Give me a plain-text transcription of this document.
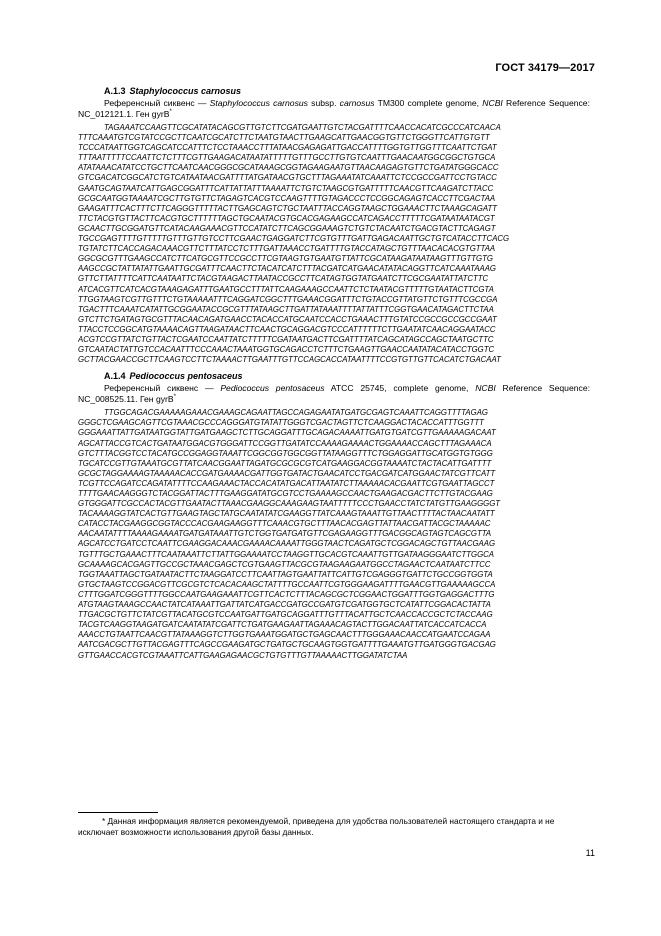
ГОСТ 34179—2017
A.1.3 Staphylococcus carnosus
Референсный сиквенс — Staphylococcus carnosus subsp. carnosus TM300 complete genome, NCBI Reference Sequence: NC_012121.1. Ген gyrB*
TAGAAATCCAAGTTCGCATATACAGCGTTGTCTTCGATGAATTGTCTACGATTTTCAACCACATCGCCCATCAACA
TTTCAAATGTCGTATCCGCTTCAATCGCATCTTCTAATGTAACTTGAAGCATTGAACGGTGTTCTGGGTTCATTGTGTT
TCCCATAATTGGTCAGCATCCATTTCTCCTAAACCTTTATAACGAGAGATTGACCATTTTGGTGTTGGTTTCAATTCTGAT
TTTAATTTTTCCAATTCTCTTTCGTTGAAGACATAATATTTTTGTTTGCCTTGTGTCAATTTGAACAATGGCGGCTGTGCA
ATATAAACATATCCTGCTTCAATCAACGGGCGCATAAAGCGGTAGAAGAATGTTAACAAGAGTGTTCTGATATGGGCACC
GTCGACATCGGCATCTGTCATAATAACGATTTTATGATAACGTGCTTTAGAAATATCAAATTCTCCGCCGATTCCTGTACC
GAATGCAGTAATCATTGAGCGGATTTCATTATTATTTAAAATTCTGTCTAAGCGTGATTTTTCAACGTTCAAGATCTTACC
GCGCAATGGTAAAATCGCTTGTGTTCTAGAGTCACGTCCAAGTTTTGTAGACCCTCCGGCAGAGTCACCTTCGACTAA
GAAGATTTCACTTTCTTCAGGGTTTTTACTTGAGCAGTCTGCTAATTTACCAGGTAAGCTGGAAACTTCTAAAGCAGATT
TTCTACGTGTTACTTCACGTGCTTTTTTAGCTGCAATACGTGCACGAGAAGCCATCAGACCTTTTTCGATAATAATACGT
GCAACTTGCGGATGTTCATACAAGAAACGTTCCATATCTTCAGCGGAAAGTCTGTCTACAATCTGACGTACTTCAGAGT
TGCCGAGTTTTGTTTTTGTTTGTTGTCCTTCGAACTGAGGATCTTCGTGTTTGATTGAGACAATTGCTGTCATACCTTCACG
TGTATCTTCACCAGACAAACGTTCTTTATCCTCTTTGATTAAACCTGATTTTGTACCATAGCTGTTTAACACACGTGTTAA
GGCGCGTTTGAAGCCATCTTCATGCGTTCCGCCTTCGTAAGTGTGAATGTTATTCGCATAAGATAATAAGTTTGTTGTG
AAGCCGCTATTATATTGAATTGCGATTTCAACTTCTACATCATCTTTACGATCATGAACATATACAGGTTCATCAAATAAAG
GTTCTTATTTTCATTCAATAATTCTACGTAAGACTTAATACCGCCTTCATAGTGGTATGAATCTTCGCGAATATTATCTTC
ATCACGTTCATCACGTAAAGAGATTTGAATGCCTTTATTCAAGAAAGCCAATTCTCTAATACGTTTTTGTAATACTTCGTA
TTGGTAAGTCGTTGTTTCTGTAAAAATTTCAGGATCGGCTTTGAAACGGATTTCTGTACCGTTATGTTCTGTTTCGCCGA
TGACTTTCAAATCATATTGCGGAATACCGCGTTTATAAGCTTGATTATAAATTTTATTATTTCGGTGAACATAGACTTCTAA
GTCTTCTGATAGTGCGTTTACAACAGATGAACCTACACCATGCAATCCACCTGAAACTTTGTATCCGCCGCCGCCGAAT
TTACCTCCGGCATGTAAAACAGTTAAGATAACTTCAACTGCAGGACGTCCCATTTTTTCTTGAATATCAACAGGAATACC
ACGTCCGTTATCTGTTACTCGAATCCAATTATCTTTTTCGATAATGACTTCGATTTTATCAGCATAGCCAGCTAATGCTTC
GTCAATACTATTGTCCACAATTTCCCAAACTAAATGGTGCAGACCTCTTTCTGAAGTTGAACCAATATACATACCTGGTC
GCTTACGAACCGCTTCAAGTCCTTCTAAAACTTGAATTTGTTCCAGCACCATAATTTTCCGTGTTGTTCACATCTGACAAT
A.1.4 Pediococcus pentosaceus
Референсный сиквенс — Pediococcus pentosaceus ATCC 25745, complete genome, NCBI Reference Sequence: NC_008525.11. Ген gyrB*
TTGGCAGACGAAAAAGAAACGAAAGCAGAATTAGCCAGAGAATATGATGCGAGTCAAATTCAGGTTTTAGAG
GGGCTCGAAGCAGTTCGTAAACGCCCAGGGATGTATATTGGGTCGACTAGTTCTCAAGGACTACACCATTTGGTTT
GGGAAATTATTGATAATGGTATTGATGAAGCTCTTGCAGGATTTGCAGACAAAATTGATGTGATCGTTGAAAAAGACAAT
AGCATTACCGTCACTGATAATGGACGTGGGATTCCGGTTGATATCCAAAAGAAAACTGGAAAACCAGCTTTAGAAACA
GTCTTTACGGTCCTACATGCCGGAGGTAAATTCGGCGGTGGCGGTTATAAGGTTTCTGGAGGATTGCATGGTGTGGG
TGCATCCGTTGTAAATGCGTTATCAACGGAATTAGATGCGCGCGTCATGAAGGACGGTAAAATCTACTACATTGATTTT
GCGCTAGGAAAAGTAAAAACACCGATGAAAACGATTGGTGATACTGAACATCCTGACGATCATGGAACTATCGTTCATT
TCGTTCCAGATCCAGATATTTTCCAAGAAACTACCACATATGACATTAATATCTTAAAAACACGAATTCGTGAATTAGCCT
TTTTGAACAAGGGTCTACGGATTACTTTGAAGGATATGCGTCCTGAAAAGCCAACTGAAGACGACTTCTTGTACGAAG
GTGGGATTCGCCACTACGTTGAATACTTAAACGAAGGCAAAGAAGTAATTTTTCCCTGAACCTATCTATGTTGAAGGGGT
TACAAAAGGTATCACTGTTGAAGTAGCTATGCAATATATCGAAGGTTATCAAAGTAAATTGTTAACTTTTACTAACAATATT
CATACCTACGAAGGCGGTACCCACGAAGAAGGTTTCAAACGTGCTTTAACACGAGTTATTAACGATTACGCTAAAAAC
AACAATATTTTAAAAGAAAATGATGATAAATTGTCTGGTGATGATGTTCGAGAAGGTTTGACGGCAGTAGTCAGCGTTA
AGCATCCTGATCCTCAATTCGAAGGACAAACGAAAACAAAATTGGGTAACTCAGATGCTCGGACAGCTGTTAACGAAG
TGTTTGCTGAAACTTTCAATAAATTCTTATTGGAAAATCCTAAGGTTGCACGTCAAATTGTTGATAAGGGAATCTTGGCA
GCAAAAGCACGAGTTGCCGCTAAACGAGCTCGTGAAGTTACGCGTAAGAAGAATGGCCTAGAACTCAATAATCTTCC
TGGTAAATTAGCTGATAATACTTCTAAGGATCCTTCAATTAGTGAATTATTCATTGTCGAGGGTGATTCTGCCGGTGGTA
GTGCTAAGTCCGGACGTTCGCGTCTCACACAAGCTATTTTGCCAATTCGTGGGAAGATTTTGAACGTTGAAAAAGCCA
CTTTGGATCGGGTTTTGGCCAATGAAGAAATTCGTTCACTCTTTACAGCGCTCGGAACTGGATTTGGTGAGGACTTTG
ATGTAAGTAAAGCCAACTATCATAAATTGATTATCATGACCGATGCCGATGTCGATGGTGCTCATATTCGGACACTATTA
TTGACGCTGTTCTATCGTTACATGCGTCCAATGATTGATGCAGGATTTGTTTACATTGCTCAACCACCGCTCTACCAAG
TACGTCAAGGTAAGATGATCAATATATCGATTCTGATGAAGAATTAGAAACAGTACTTGGACAATTATCACCATCACCA
AAACCTGTAATTCAACGTTATAAAGGTCTTGGTGAAATGGATGCTGAGCAACTTTGGGAAACAACCATGAATCCAGAA
AATCGACGCTTGTTACGAGTTTCAGCCGAAGATGCTGATGCTGCAAGTGGTGATTTTGAAATGTTGATGGGTGACGAG
GTTGAACCACGTCGTAAATTCATTGAAGAGAACGCTGTGTTTGTTAAAAACTTGGATATCTAA
* Данная информация является рекомендуемой, приведена для удобства пользователей настоящего стандарта и не исключает возможности использования другой базы данных.
11
